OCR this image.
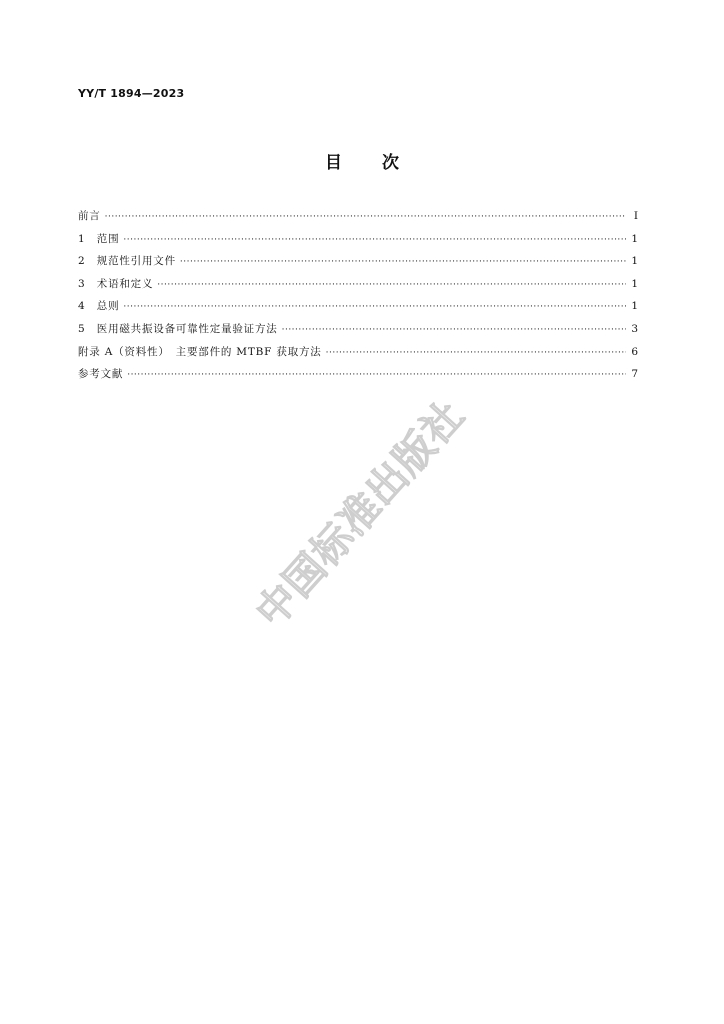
YY/T 1894—2023
目次
前言 ·····	Ⅰ
1　范围 ·····	1
2　规范性引用文件 ·····	1
3　术语和定义 ·····	1
4　总则 ·····	1
5　医用磁共振设备可靠性定量验证方法 ·····	3
附录 A（资料性）　主要部件的 MTBF 获取方法 ·····	6
参考文献 ·····	7
中国标准出版社
